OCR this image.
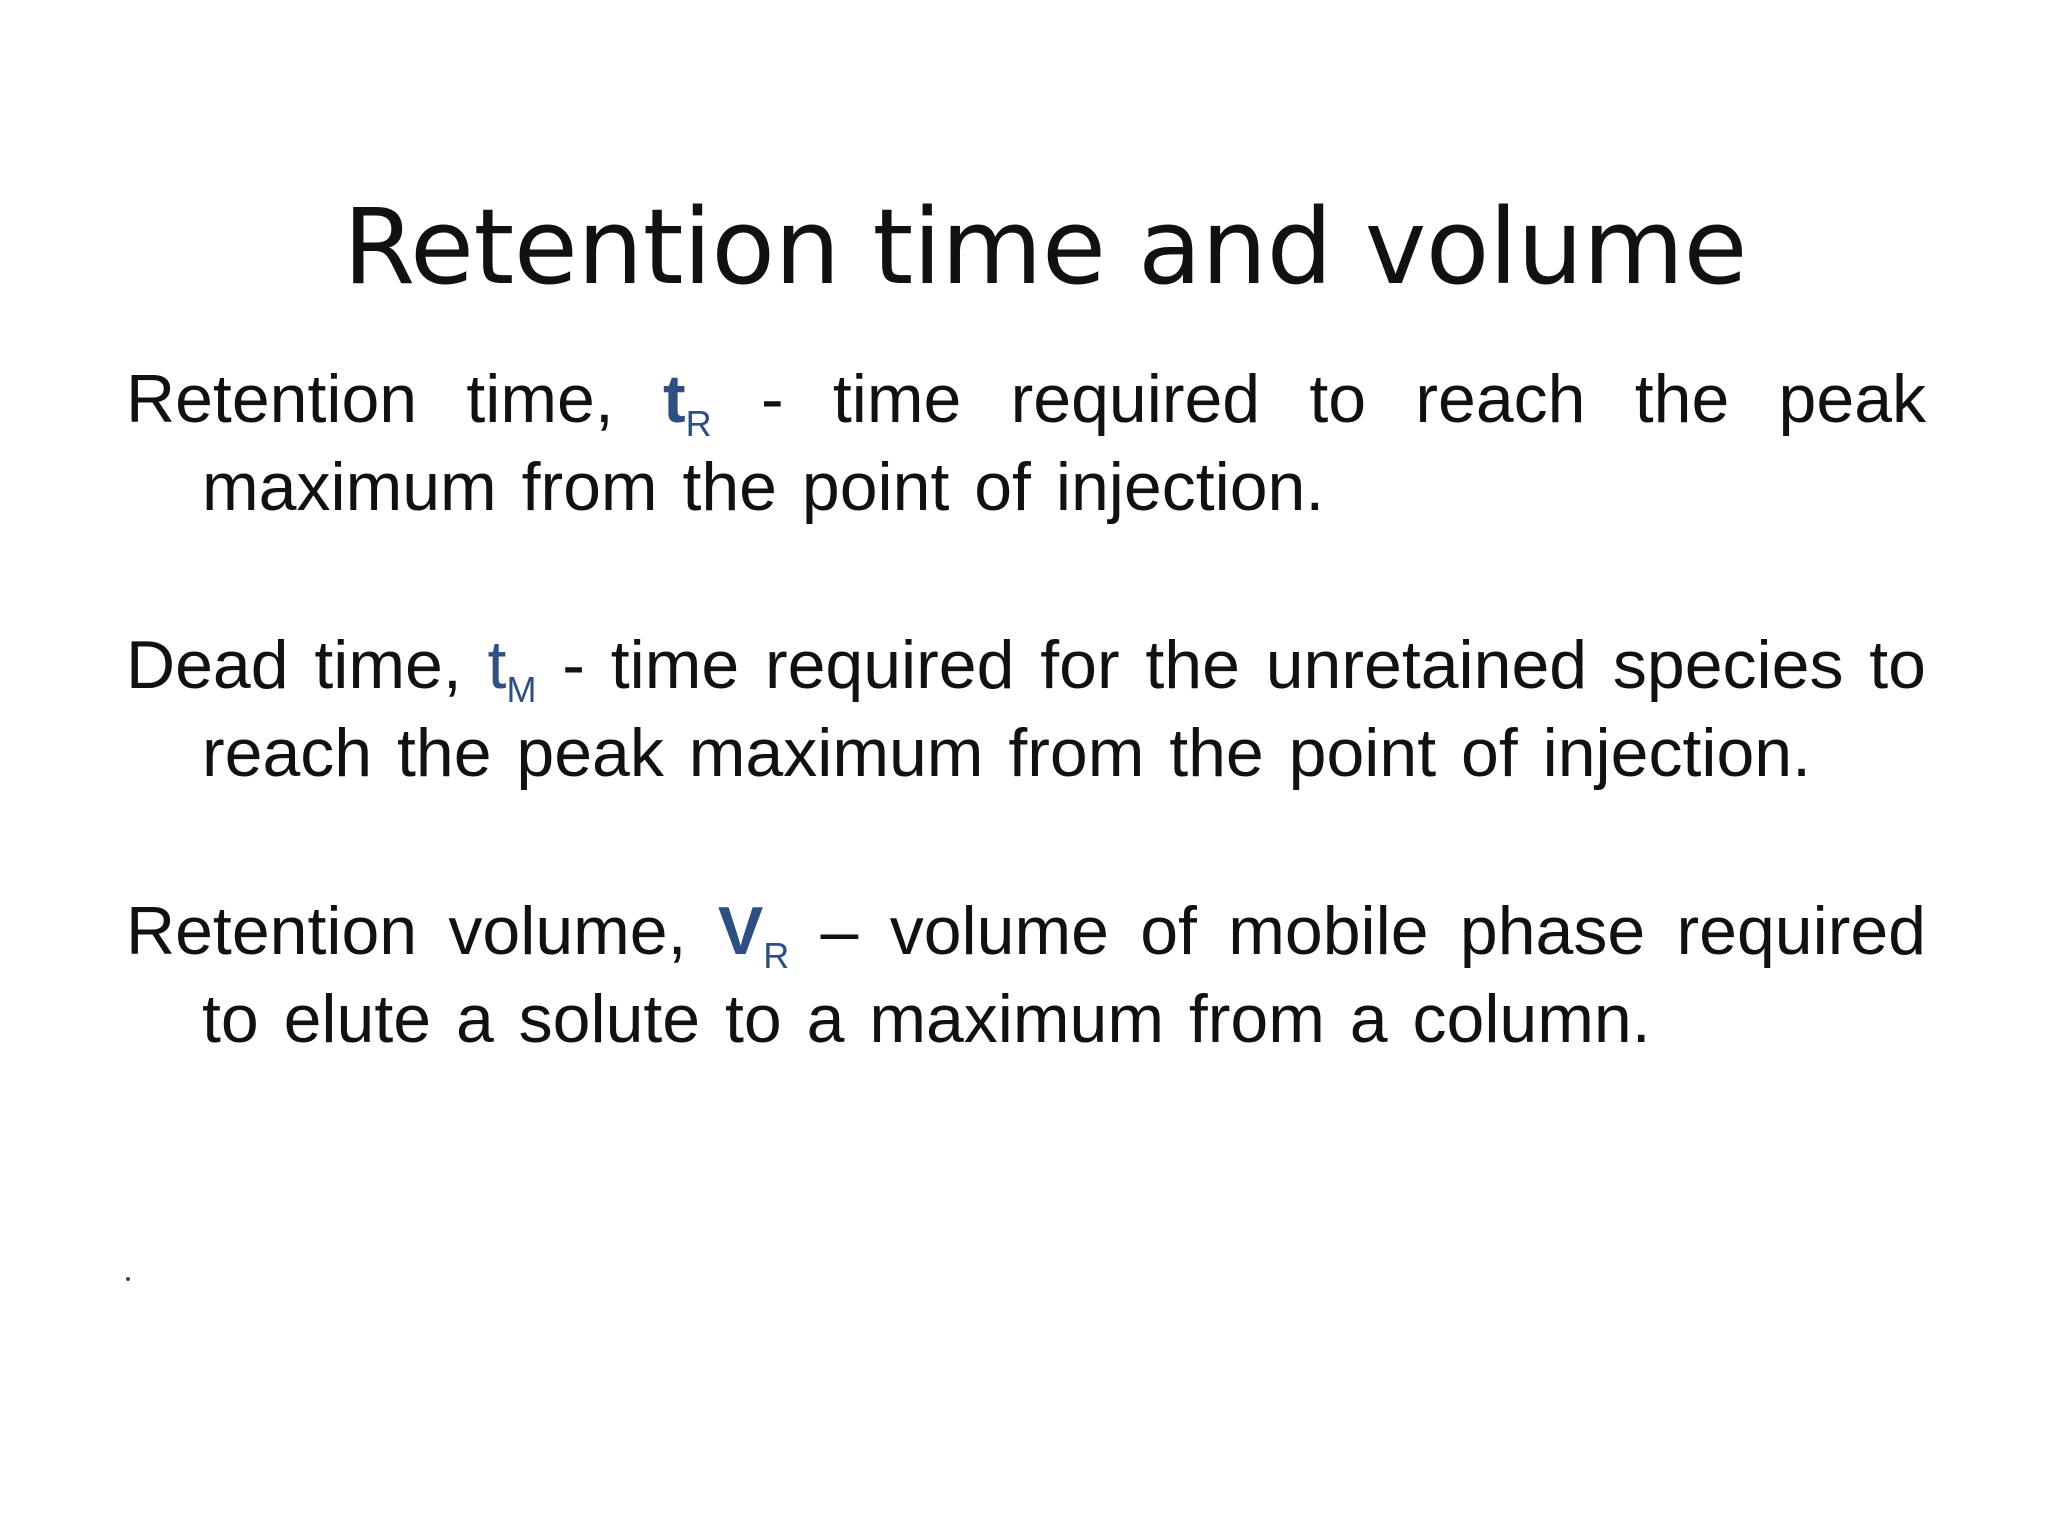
Retention time and volume

Retention time, $t_R$ - time required to reach the peak maximum from the point of injection.

Dead time, $t_M$ - time required for the unretained species to reach the peak maximum from the point of injection.

Retention volume, $V_R$ – volume of mobile phase required to elute a solute to a maximum from a column.
